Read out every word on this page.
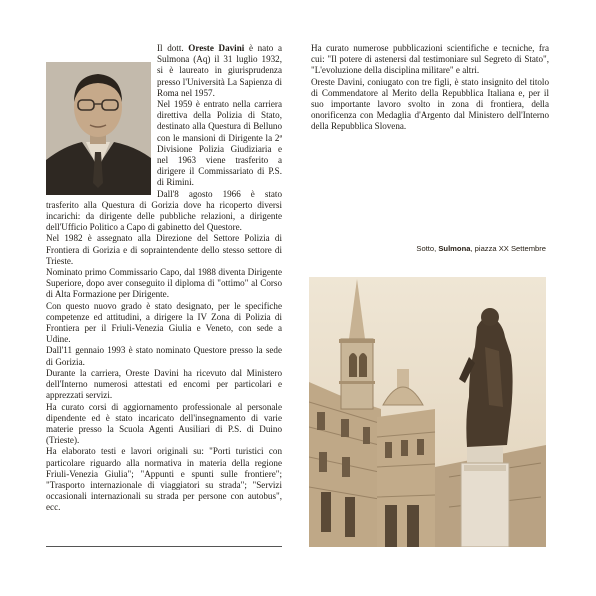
Il dott. Oreste Davini è nato a Sulmona (Aq) il 31 luglio 1932, si è laureato in giurisprudenza presso l'Università La Sapienza di Roma nel 1957.

Nel 1959 è entrato nella carriera direttiva della Polizia di Stato, destinato alla Questura di Belluno con le mansioni di Dirigente la 2ª Divisione Polizia Giudiziaria e nel 1963 viene trasferito a dirigere il Commissariato di P.S. di Rimini.

Dall'8 agosto 1966 è stato trasferito alla Questura di Gorizia dove ha ricoperto diversi incarichi: da dirigente delle pubbliche relazioni, a dirigente dell'Ufficio Politico a Capo di gabinetto del Questore.

Nel 1982 è assegnato alla Direzione del Settore Polizia di Frontiera di Gorizia e di sopraintendente dello stesso settore di Trieste.

Nominato primo Commissario Capo, dal 1988 diventa Dirigente Superiore, dopo aver conseguito il diploma di "ottimo" al Corso di Alta Formazione per Dirigente.

Con questo nuovo grado è stato designato, per le specifiche competenze ed attitudini, a dirigere la IV Zona di Polizia di Frontiera per il Friuli-Venezia Giulia e Veneto, con sede a Udine.

Dall'11 gennaio 1993 è stato nominato Questore presso la sede di Gorizia.

Durante la carriera, Oreste Davini ha ricevuto dal Ministero dell'Interno numerosi attestati ed encomi per particolari e apprezzati servizi.

Ha curato corsi di aggiornamento professionale al personale dipendente ed è stato incaricato dell'insegnamento di varie materie presso la Scuola Agenti Ausiliari di P.S. di Duino (Trieste).

Ha elaborato testi e lavori originali su: "Porti turistici con particolare riguardo alla normativa in materia della regione Friuli-Venezia Giulia"; "Appunti e spunti sulle frontiere"; "Trasporto internazionale di viaggiatori su strada"; "Servizi occasionali internazionali su strada per persone con autobus", ecc.

Ha curato numerose pubblicazioni scientifiche e tecniche, fra cui: "Il potere di astenersi dal testimoniare sul Segreto di Stato", "L'evoluzione della disciplina militare" e altri.

Oreste Davini, coniugato con tre figli, è stato insignito del titolo di Commendatore al Merito della Repubblica Italiana e, per il suo importante lavoro svolto in zona di frontiera, della onorificenza con Medaglia d'Argento dal Ministero dell'Interno della Repubblica Slovena.

Sotto, Sulmona, piazza XX Settembre
